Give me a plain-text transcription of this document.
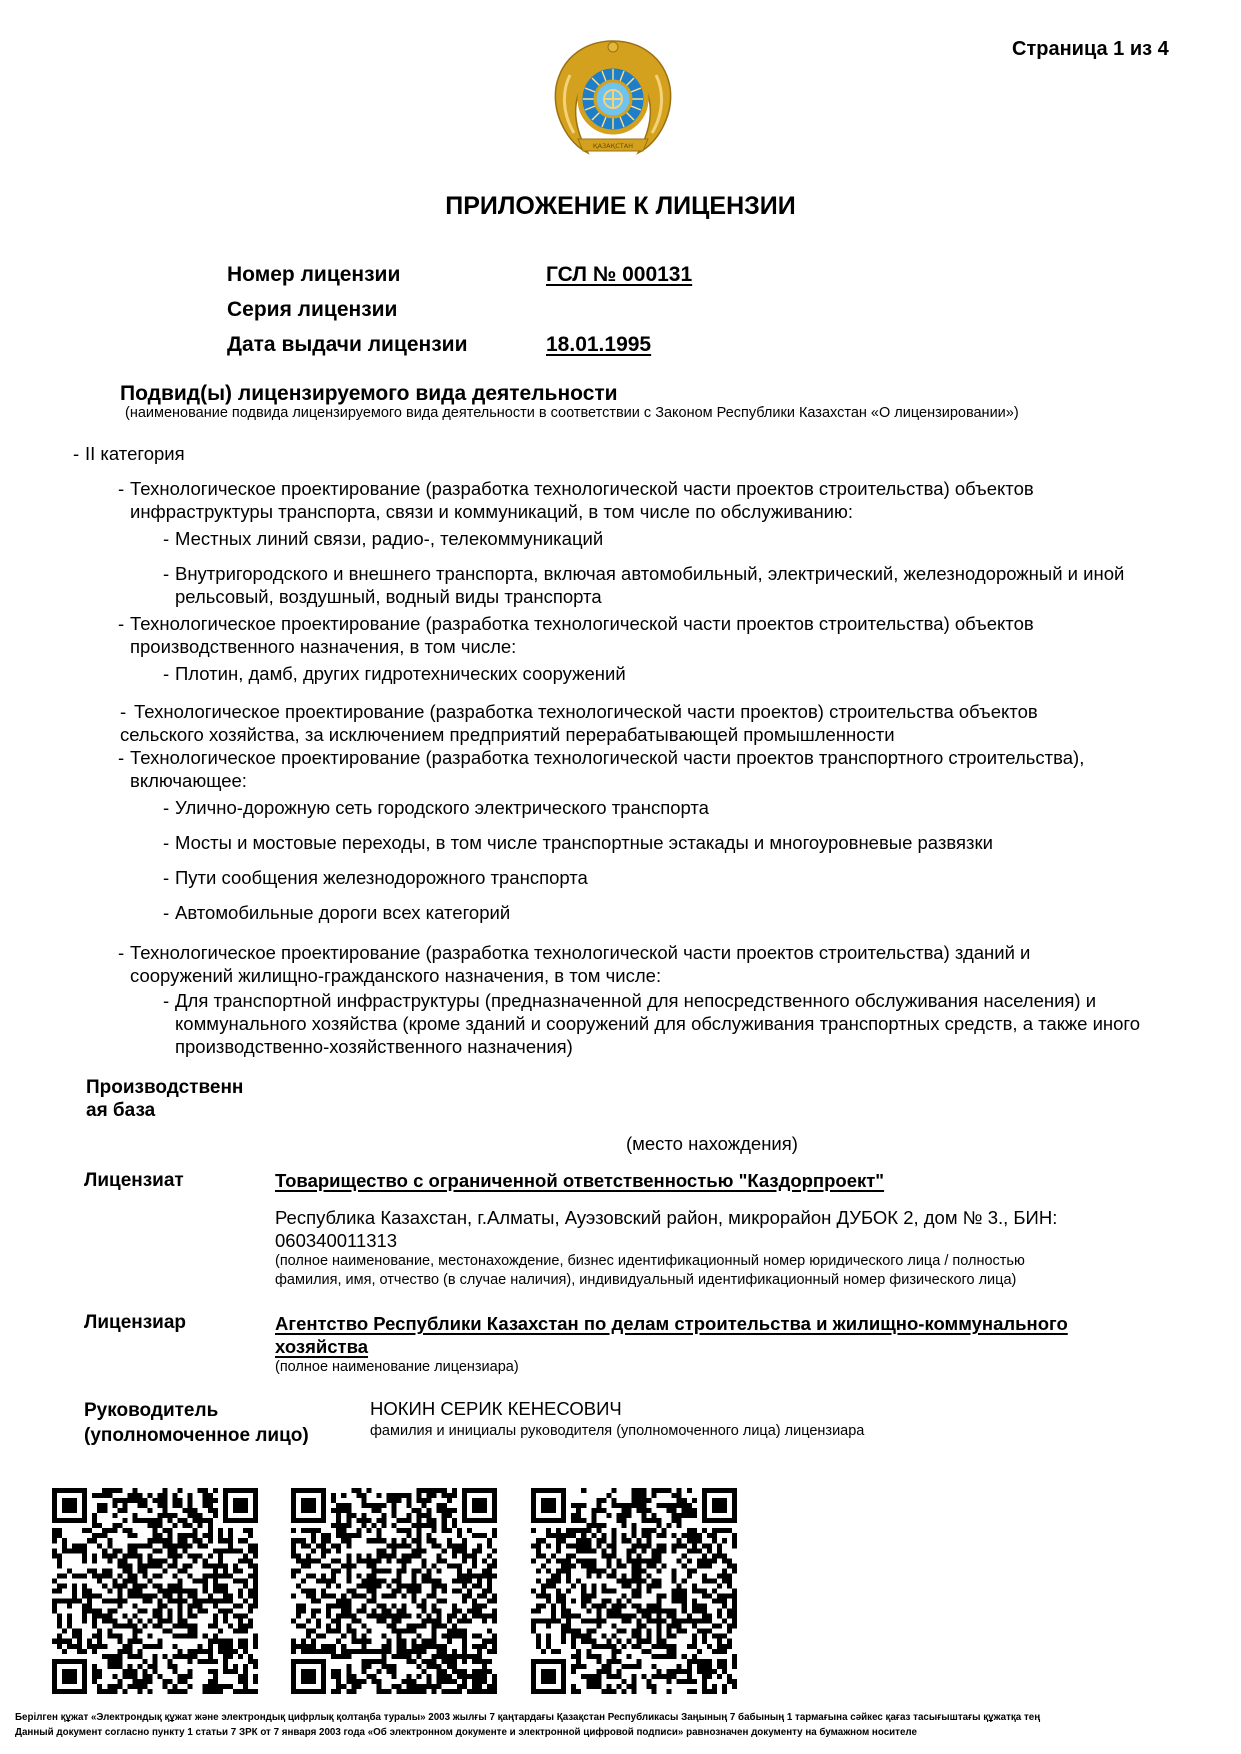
Страница 1 из 4
ҚАЗАҚСТАН
ПРИЛОЖЕНИЕ К ЛИЦЕНЗИИ
Номер лицензии	ГСЛ № 000131
Серия лицензии
Дата выдачи лицензии	18.01.1995
Подвид(ы) лицензируемого вида деятельности
(наименование подвида лицензируемого вида деятельности в соответствии с Законом Республики Казахстан «О лицензировании»)
- II категория
- Технологическое проектирование (разработка технологической части проектов строительства) объектов
инфраструктуры транспорта, связи и коммуникаций, в том числе по обслуживанию:
- Местных линий связи, радио-, телекоммуникаций
- Внутригородского и внешнего транспорта, включая автомобильный, электрический, железнодорожный и иной
рельсовый, воздушный, водный виды транспорта
- Технологическое проектирование (разработка технологической части проектов строительства) объектов
производственного назначения, в том числе:
- Плотин, дамб, других гидротехнических сооружений
- Технологическое проектирование (разработка технологической части проектов) строительства объектов
сельского хозяйства, за исключением предприятий перерабатывающей промышленности
- Технологическое проектирование (разработка технологической части проектов транспортного строительства),
включающее:
- Улично-дорожную сеть городского электрического транспорта
- Мосты и мостовые переходы, в том числе транспортные эстакады и многоуровневые развязки
- Пути сообщения железнодорожного транспорта
- Автомобильные дороги всех категорий
- Технологическое проектирование (разработка технологической части проектов строительства) зданий и
сооружений жилищно-гражданского назначения, в том числе:
- Для транспортной инфраструктуры (предназначенной для непосредственного обслуживания населения) и
коммунального хозяйства (кроме зданий и сооружений для обслуживания транспортных средств, а также иного
производственно-хозяйственного назначения)
Производственн
ая база
(место нахождения)
Лицензиат	Товарищество с ограниченной ответственностью "Каздорпроект"
Республика Казахстан, г.Алматы, Ауэзовский район, микрорайон ДУБОК 2, дом № 3., БИН:
060340011313
(полное наименование, местонахождение, бизнес идентификационный номер юридического лица / полностью
фамилия, имя, отчество (в случае наличия), индивидуальный идентификационный номер физического лица)
Лицензиар	Агентство Республики Казахстан по делам строительства и жилищно-коммунального
хозяйства
(полное наименование лицензиара)
Руководитель
(уполномоченное лицо)
НОКИН СЕРИК КЕНЕСОВИЧ
фамилия и инициалы руководителя (уполномоченного лица) лицензиара
Берілген құжат «Электрондық құжат және электрондық цифрлық қолтаңба туралы» 2003 жылғы 7 қаңтардағы Қазақстан Республикасы Заңының 7 бабының 1 тармағына сәйкес қағаз тасығыштағы құжатқа тең
Данный документ согласно пункту 1 статьи 7 ЗРК от 7 января 2003 года «Об электронном документе и электронной цифровой подписи» равнозначен документу на бумажном носителе
